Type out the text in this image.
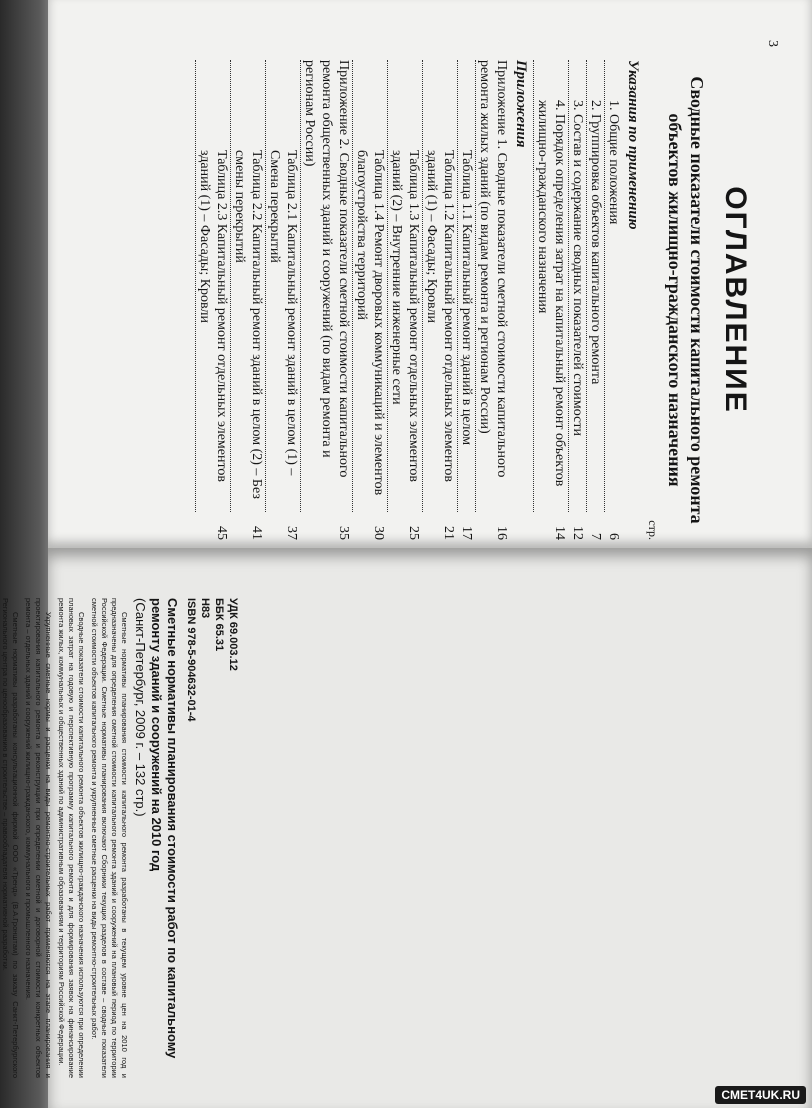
3
ОГЛАВЛЕНИЕ
Сводные показатели стоимости капитального ремонта объектов жилищно-гражданского назначения
стр.
Указания по применению
1. Общие положения
6
2. Группировка объектов капитального ремонта
7
3. Состав и содержание сводных показателей стоимости
12
4. Порядок определения затрат на капитальный ремонт объектов жилищно-гражданского назначения
14
Приложения
Приложение 1. Сводные показатели сметной стоимости капитального ремонта жилых зданий (по видам ремонта и регионам России)
16
Таблица 1.1 Капитальный ремонт зданий в целом
17
Таблица 1.2 Капитальный ремонт отдельных элементов зданий (1) – Фасады; Кровли
21
Таблица 1.3 Капитальный ремонт отдельных элементов зданий (2) – Внутренние инженерные сети
25
Таблица 1.4 Ремонт дворовых коммуникаций и элементов благоустройства территорий
30
Приложение 2. Сводные показатели сметной стоимости капитального ремонта общественных зданий и сооружений (по видам ремонта и регионам России)
35
Таблица 2.1 Капитальный ремонт зданий в целом (1) – Смена перекрытий
37
Таблица 2.2 Капитальный ремонт зданий в целом (2) – Без смены перекрытий
41
Таблица 2.3 Капитальный ремонт отдельных элементов зданий (1) – Фасады; Кровли
45
УДК 69.003.12
ББК 65.31
Н83
ISBN 978-5-904632-01-4
Сметные нормативы планирования стоимости работ по капитальному ремонту зданий и сооружений на 2010 год
(Санкт-Петербург, 2009 г. – 132 стр.)

Сметные нормативы планирования стоимости капитального ремонта разработаны в текущем уровне цен на 2010 год и предназначены для определения сметной стоимости капитального ремонта зданий и сооружений на плановый период по территории Российской Федерации. Сметные нормативы планирования включают Сборники текущих разделов в составе – сводные показатели сметной стоимости объектов капитального ремонта и укрупненные сметные расценки на виды ремонтно-строительных работ.

Сводные показатели стоимости капитального ремонта объектов жилищно-гражданского назначения используются при определении плановых затрат на годовую и перспективную программу капитального ремонта и для формирования заявок на финансирование ремонта жилых, коммунальных и общественных зданий по административным образованиям и территориям Российской Федерации.

Укрупненные сметные нормы и расценки на виды ремонтно-строительных работ применяются на этапе планирования и проектирования капитального ремонта и реконструкции при определении сметной и договорной стоимости конкретных объектов ремонта – отдельных зданий и сооружений жилищно-гражданского, коммунального и промышленного назначения.

Сметные нормативы разработаны консультационной фирмой ООО «Тренд» (В.А.Гронштам) по заказу Санкт-Петербургского Регионального центра по ценообразованию в строительстве – правообладателя нормативной разработки.

CMET4UK.RU
